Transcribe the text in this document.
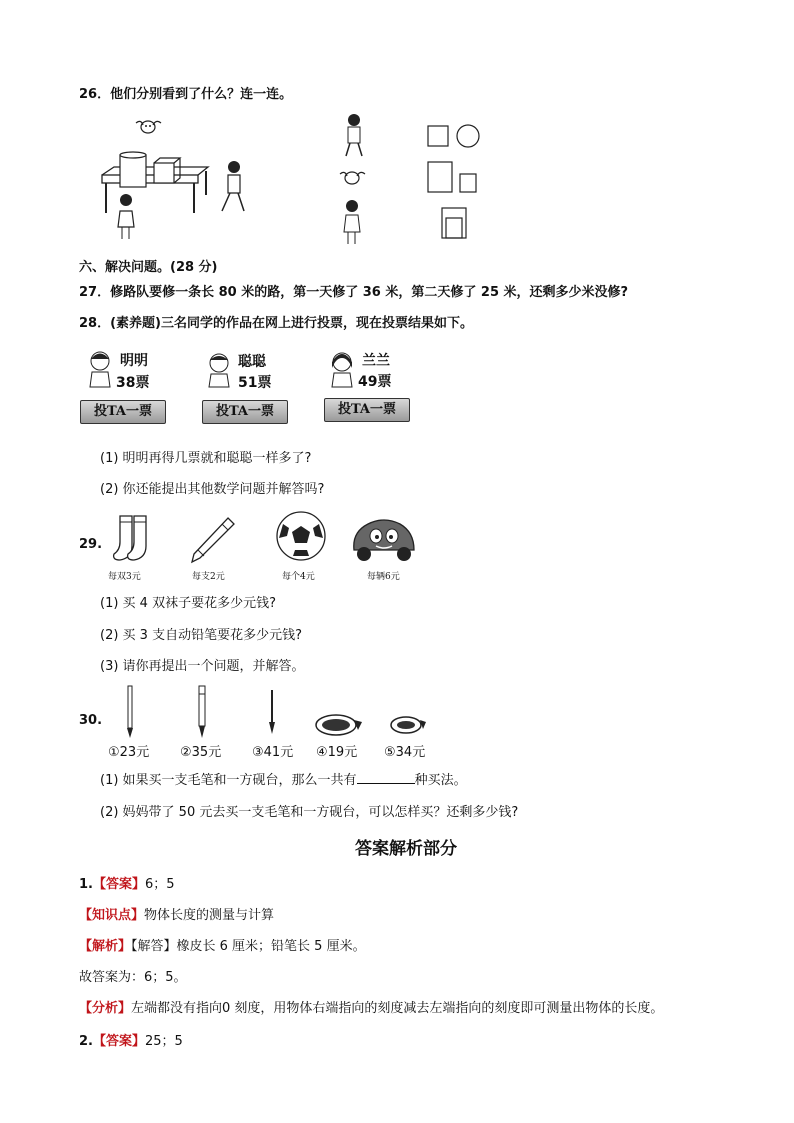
26．他们分别看到了什么？连一连。
六、解决问题。(28 分)
27．修路队要修一条长 80 米的路，第一天修了 36 米，第二天修了 25 米，还剩多少米没修?
28．(素养题)三名同学的作品在网上进行投票，现在投票结果如下。
明明
38票
投TA一票
聪聪
51票
投TA一票
兰兰
49票
投TA一票
(1) 明明再得几票就和聪聪一样多了?
(2) 你还能提出其他数学问题并解答吗?
29.
每双3元	每支2元	每个4元	每辆6元
(1) 买 4 双袜子要花多少元钱?
(2) 买 3 支自动铅笔要花多少元钱?
(3) 请你再提出一个问题，并解答。
30.
①23元 ②35元 ③41元 ④19元 ⑤34元
(1) 如果买一支毛笔和一方砚台，那么一共有	种买法。
(2) 妈妈带了 50 元去买一支毛笔和一方砚台，可以怎样买？还剩多少钱?
答案解析部分
1.【答案】6；5
【知识点】物体长度的测量与计算
【解析】【解答】橡皮长 6 厘米；铅笔长 5 厘米。
故答案为：6；5。
【分析】左端都没有指向0 刻度，用物体右端指向的刻度减去左端指向的刻度即可测量出物体的长度。
2.【答案】25；5
